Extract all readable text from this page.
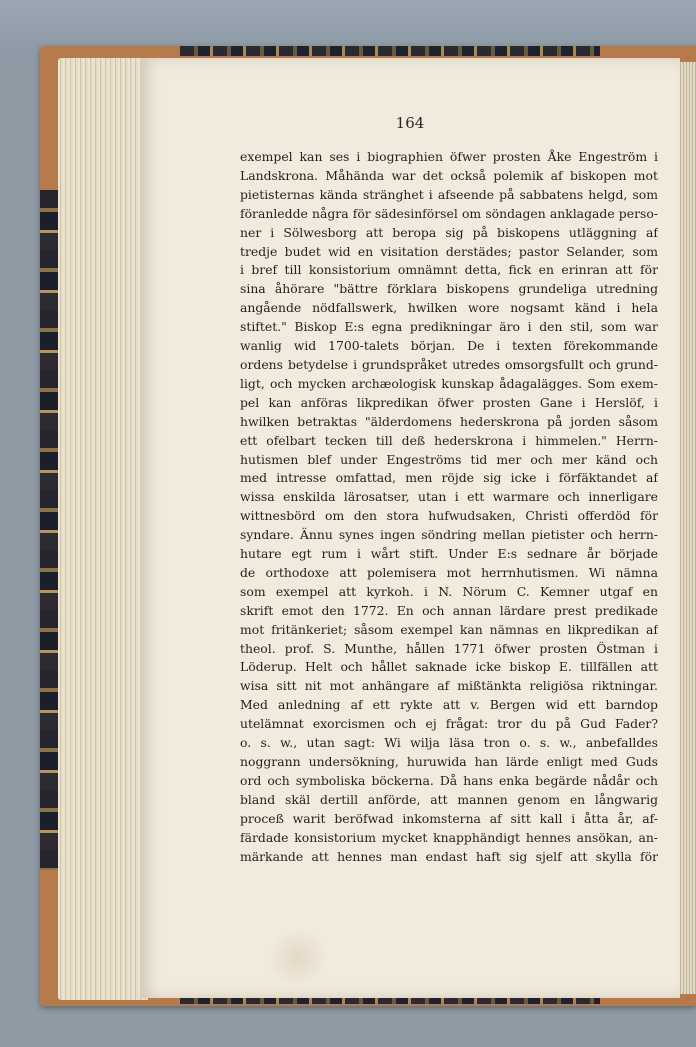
164
exempel kan ses i biographien öfwer prosten Åke Engeström i
Landskrona. Måhända war det också polemik af biskopen mot
pietisternas kända stränghet i afseende på sabbatens helgd, som
föranledde några för sädesinförsel om söndagen anklagade perso-
ner i Sölwesborg att beropa sig på biskopens utläggning af
tredje budet wid en visitation derstädes; pastor Selander, som
i bref till konsistorium omnämnt detta, fick en erinran att för
sina åhörare "bättre förklara biskopens grundeliga utredning
angående nödfallswerk, hwilken wore nogsamt känd i hela
stiftet." Biskop E:s egna predikningar äro i den stil, som war
wanlig wid 1700-talets början. De i texten förekommande
ordens betydelse i grundspråket utredes omsorgsfullt och grund-
ligt, och mycken archæologisk kunskap ådagalägges. Som exem-
pel kan anföras likpredikan öfwer prosten Gane i Herslöf, i
hwilken betraktas "älderdomens hederskrona på jorden såsom
ett ofelbart tecken till deß hederskrona i himmelen." Herrn-
hutismen blef under Engeströms tid mer och mer känd och
med intresse omfattad, men röjde sig icke i förfäktandet af
wissa enskilda lärosatser, utan i ett warmare och innerligare
wittnesbörd om den stora hufwudsaken, Christi offerdöd för
syndare. Ännu synes ingen söndring mellan pietister och herrn-
hutare egt rum i wårt stift. Under E:s sednare år började
de orthodoxe att polemisera mot herrnhutismen. Wi nämna
som exempel att kyrkoh. i N. Nörum C. Kemner utgaf en
skrift emot den 1772. En och annan lärdare prest predikade
mot fritänkeriet; såsom exempel kan nämnas en likpredikan af
theol. prof. S. Munthe, hållen 1771 öfwer prosten Östman i
Löderup. Helt och hållet saknade icke biskop E. tillfällen att
wisa sitt nit mot anhängare af mißtänkta religiösa riktningar.
Med anledning af ett rykte att v. Bergen wid ett barndop
utelämnat exorcismen och ej frågat: tror du på Gud Fader?
o. s. w., utan sagt: Wi wilja läsa tron o. s. w., anbefalldes
noggrann undersökning, huruwida han lärde enligt med Guds
ord och symboliska böckerna. Då hans enka begärde nådår och
bland skäl dertill anförde, att mannen genom en långwarig
proceß warit beröfwad inkomsterna af sitt kall i åtta år, af-
färdade konsistorium mycket knapphändigt hennes ansökan, an-
märkande att hennes man endast haft sig sjelf att skylla för
